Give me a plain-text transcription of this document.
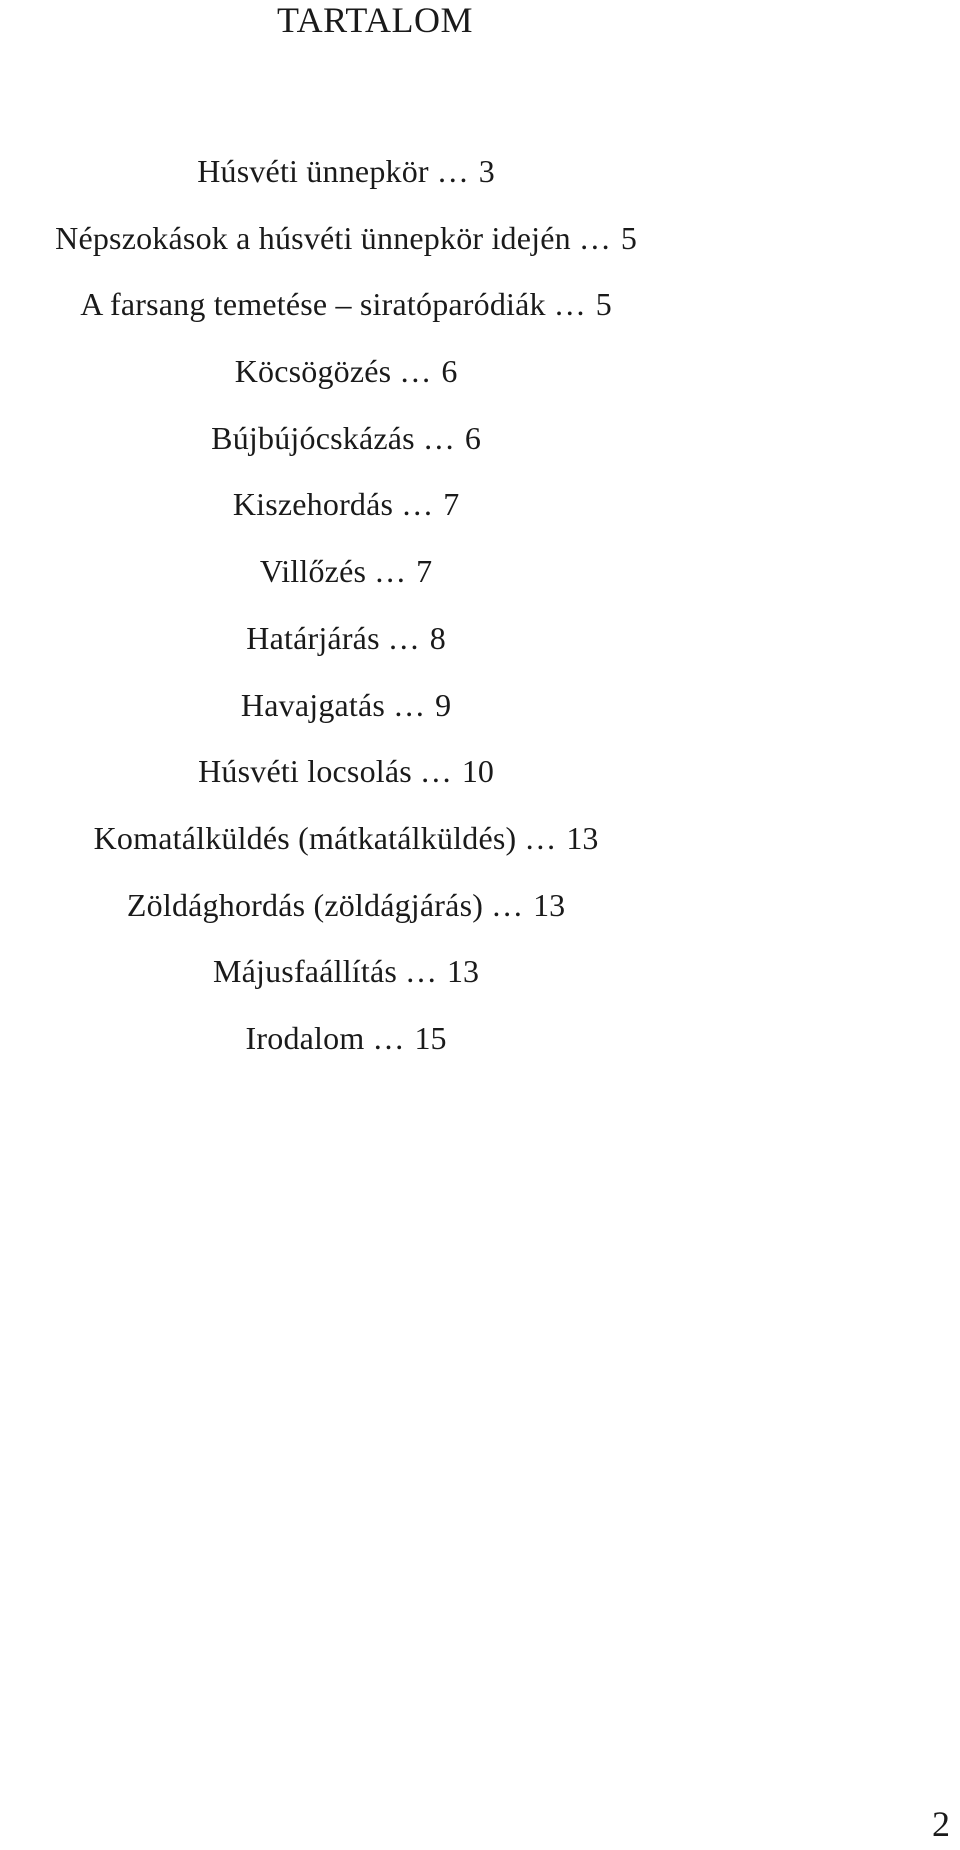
TARTALOM
Húsvéti ünnepkör … 3
Népszokások a húsvéti ünnepkör idején … 5
A farsang temetése – siratóparódiák … 5
Köcsögözés … 6
Bújbújócskázás … 6
Kiszehordás … 7
Villőzés … 7
Határjárás … 8
Havajgatás … 9
Húsvéti locsolás … 10
Komatálküldés (mátkatálküldés) … 13
Zöldághordás (zöldágjárás) … 13
Májusfaállítás … 13
Irodalom … 15
2
